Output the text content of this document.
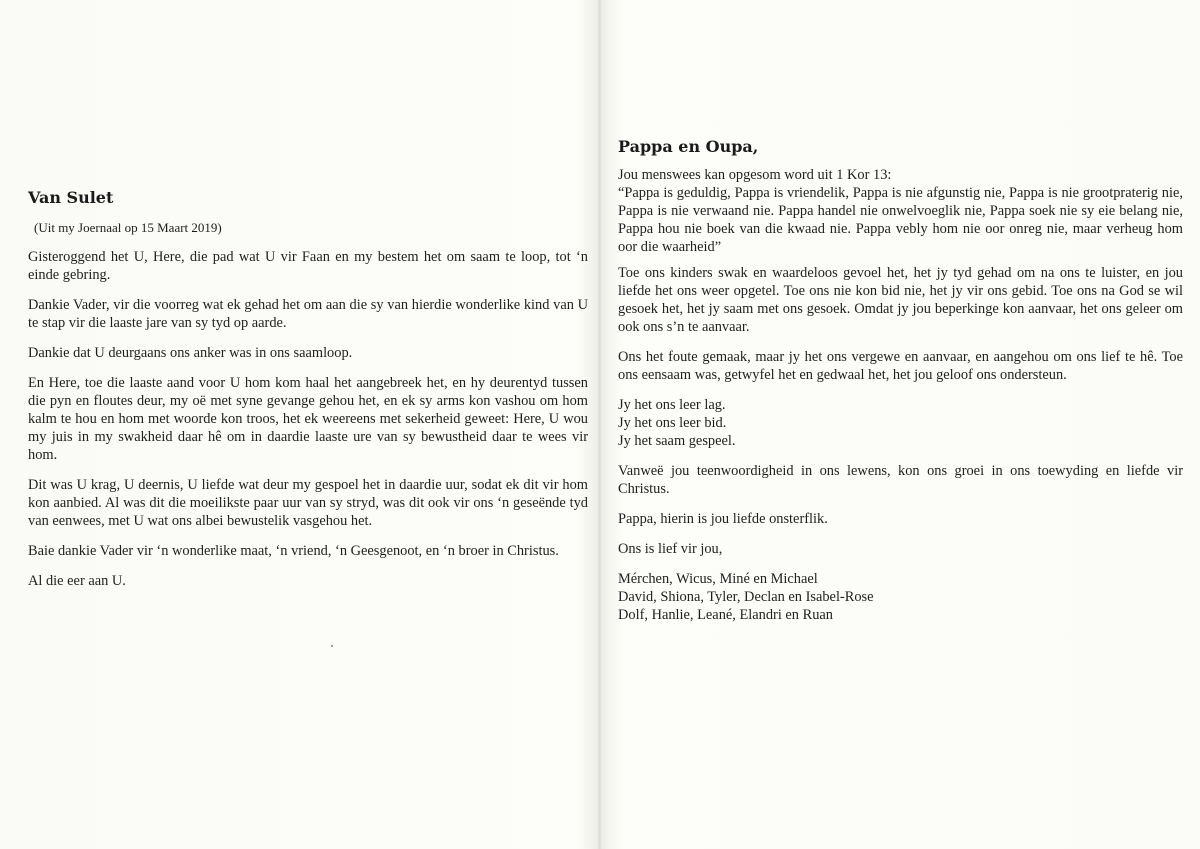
Van Sulet

(Uit my Joernaal op 15 Maart 2019)

Gisteroggend het U, Here, die pad wat U vir Faan en my bestem het om saam te loop, tot ‘n einde gebring.

Dankie Vader, vir die voorreg wat ek gehad het om aan die sy van hierdie wonderlike kind van U te stap vir die laaste jare van sy tyd op aarde.

Dankie dat U deurgaans ons anker was in ons saamloop.

En Here, toe die laaste aand voor U hom kom haal het aangebreek het, en hy deurentyd tussen die pyn en floutes deur, my oë met syne gevange gehou het, en ek sy arms kon vashou om hom kalm te hou en hom met woorde kon troos, het ek weereens met sekerheid geweet: Here, U wou my juis in my swakheid daar hê om in daardie laaste ure van sy bewustheid daar te wees vir hom.

Dit was U krag, U deernis, U liefde wat deur my gespoel het in daardie uur, sodat ek dit vir hom kon aanbied. Al was dit die moeilikste paar uur van sy stryd, was dit ook vir ons ‘n geseënde tyd van eenwees, met U wat ons albei bewustelik vasgehou het.

Baie dankie Vader vir ‘n wonderlike maat, ‘n vriend, ‘n Geesgenoot, en ‘n broer in Christus.

Al die eer aan U.

Pappa en Oupa,

Jou menswees kan opgesom word uit 1 Kor 13:
“Pappa is geduldig, Pappa is vriendelik, Pappa is nie afgunstig nie, Pappa is nie grootpraterig nie, Pappa is nie verwaand nie. Pappa handel nie onwelvoeglik nie, Pappa soek nie sy eie belang nie, Pappa hou nie boek van die kwaad nie. Pappa vebly hom nie oor onreg nie, maar verheug hom oor die waarheid”

Toe ons kinders swak en waardeloos gevoel het, het jy tyd gehad om na ons te luister, en jou liefde het ons weer opgetel. Toe ons nie kon bid nie, het jy vir ons gebid. Toe ons na God se wil gesoek het, het jy saam met ons gesoek. Omdat jy jou beperkinge kon aanvaar, het ons geleer om ook ons s’n te aanvaar.

Ons het foute gemaak, maar jy het ons vergewe en aanvaar, en aangehou om ons lief te hê. Toe ons eensaam was, getwyfel het en gedwaal het, het jou geloof ons ondersteun.

Jy het ons leer lag.
Jy het ons leer bid.
Jy het saam gespeel.

Vanweë jou teenwoordigheid in ons lewens, kon ons groei in ons toewyding en liefde vir Christus.

Pappa, hierin is jou liefde onsterflik.

Ons is lief vir jou,

Mérchen, Wicus, Miné en Michael
David, Shiona, Tyler, Declan en Isabel-Rose
Dolf, Hanlie, Leané, Elandri en Ruan
